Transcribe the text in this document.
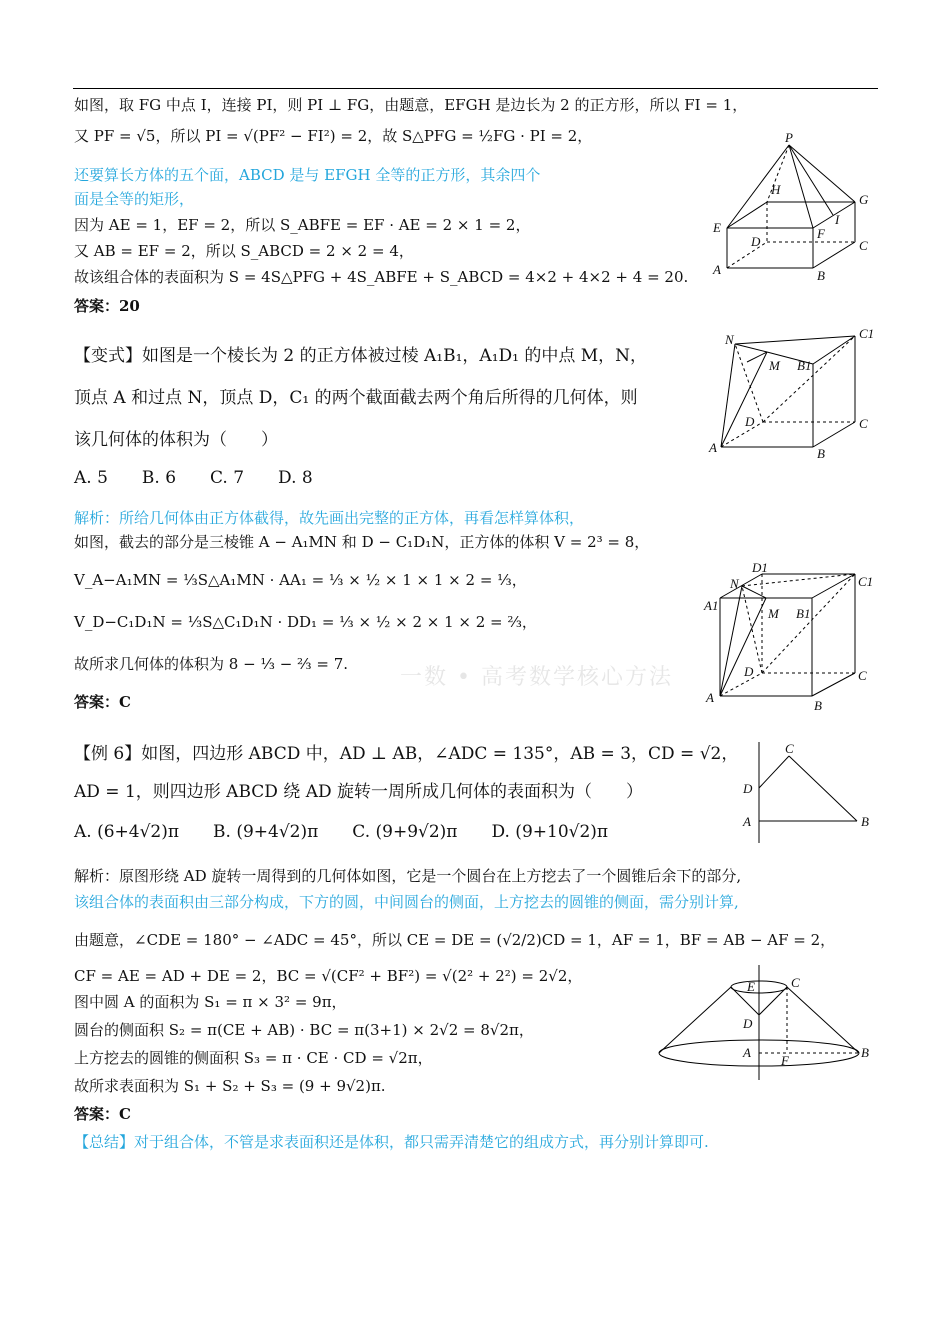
如图，取 FG 中点 I，连接 PI，则 PI ⊥ FG，由题意，EFGH 是边长为 2 的正方形，所以 FI = 1，
又 PF = √5，所以 PI = √(PF² − FI²) = 2，故 S△PFG = ½FG · PI = 2，
还要算长方体的五个面，ABCD 是与 EFGH 全等的正方形，其余四个
面是全等的矩形，
因为 AE = 1，EF = 2，所以 S_ABFE = EF · AE = 2 × 1 = 2，
又 AB = EF = 2，所以 S_ABCD = 2 × 2 = 4，
故该组合体的表面积为 S = 4S△PFG + 4S_ABFE + S_ABCD = 4×2 + 4×2 + 4 = 20.
答案：20
P
H
G
E
I
F
D	C
A	B
【变式】如图是一个棱长为 2 的正方体被过棱 A₁B₁，A₁D₁ 的中点 M，N，
顶点 A 和过点 N，顶点 D，C₁ 的两个截面截去两个角后所得的几何体，则
该几何体的体积为（　　）
A. 5　　B. 6　　C. 7　　D. 8
N	C1
M B1
D	C
A	B
解析：所给几何体由正方体截得，故先画出完整的正方体，再看怎样算体积，
如图，截去的部分是三棱锥 A − A₁MN 和 D − C₁D₁N，正方体的体积 V = 2³ = 8，
V_A−A₁MN = ⅓S△A₁MN · AA₁ = ⅓ × ½ × 1 × 1 × 2 = ⅓，
V_D−C₁D₁N = ⅓S△C₁D₁N · DD₁ = ⅓ × ½ × 2 × 1 × 2 = ⅔，
故所求几何体的体积为 8 − ⅓ − ⅔ = 7.
答案：C
一数 • 高考数学核心方法
D1
N	C1
A1
M B1
D	C
A
B
【例 6】如图，四边形 ABCD 中，AD ⊥ AB，∠ADC = 135°，AB = 3，CD = √2，
AD = 1，则四边形 ABCD 绕 AD 旋转一周所成几何体的表面积为（　　）
A. (6+4√2)π　　B. (9+4√2)π　　C. (9+9√2)π　　D. (9+10√2)π
C
D
A	B
解析：原图形绕 AD 旋转一周得到的几何体如图，它是一个圆台在上方挖去了一个圆锥后余下的部分,
该组合体的表面积由三部分构成，下方的圆，中间圆台的侧面，上方挖去的圆锥的侧面，需分别计算,
由题意，∠CDE = 180° − ∠ADC = 45°，所以 CE = DE = (√2/2)CD = 1，AF = 1，BF = AB − AF = 2，
CF = AE = AD + DE = 2，BC = √(CF² + BF²) = √(2² + 2²) = 2√2，
图中圆 A 的面积为 S₁ = π × 3² = 9π，
圆台的侧面积 S₂ = π(CE + AB) · BC = π(3+1) × 2√2 = 8√2π，
上方挖去的圆锥的侧面积 S₃ = π · CE · CD = √2π，
故所求表面积为 S₁ + S₂ + S₃ = (9 + 9√2)π.
答案：C
【总结】对于组合体，不管是求表面积还是体积，都只需弄清楚它的组成方式，再分别计算即可.
E	C
D
A
F
B
